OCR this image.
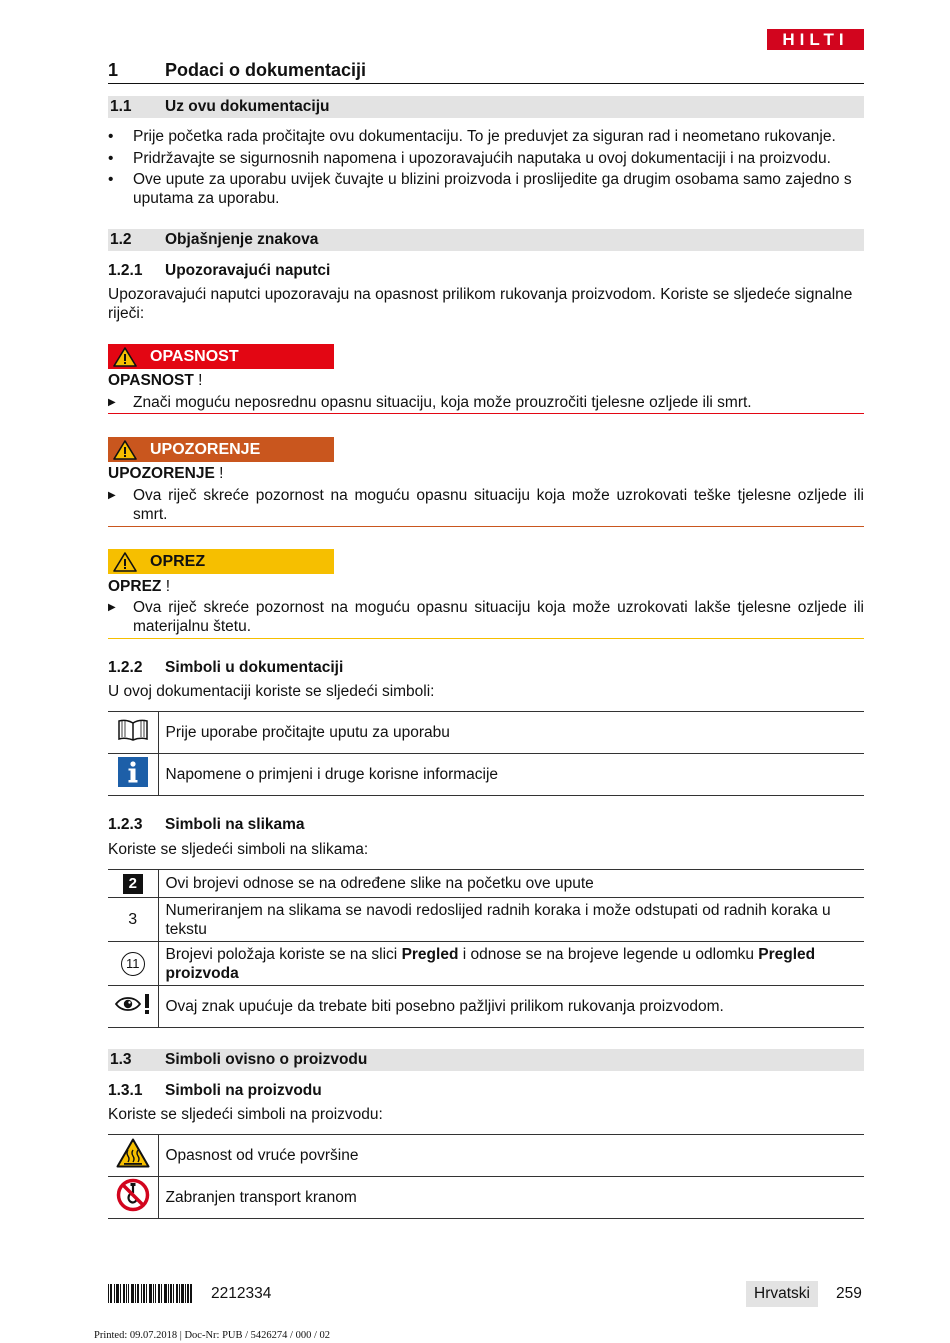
HILTI
1	Podaci o dokumentaciji
1.1 Uz ovu dokumentaciju
• Prije početka rada pročitajte ovu dokumentaciju. To je preduvjet za siguran rad i neometano rukovanje.
• Pridržavajte se sigurnosnih napomena i upozoravajućih naputaka u ovoj dokumentaciji i na proizvodu.
• Ove upute za uporabu uvijek čuvajte u blizini proizvoda i proslijedite ga drugim osobama samo zajedno s uputama za uporabu.
1.2 Objašnjenje znakova
1.2.1 Upozoravajući naputci
Upozoravajući naputci upozoravaju na opasnost prilikom rukovanja proizvodom. Koriste se sljedeće signalne riječi:
OPASNOST
OPASNOST !
▶ Znači moguću neposrednu opasnu situaciju, koja može prouzročiti tjelesne ozljede ili smrt.
UPOZORENJE
UPOZORENJE !
▶ Ova riječ skreće pozornost na moguću opasnu situaciju koja može uzrokovati teške tjelesne ozljede ili smrt.
OPREZ
OPREZ !
▶ Ova riječ skreće pozornost na moguću opasnu situaciju koja može uzrokovati lakše tjelesne ozljede ili materijalnu štetu.
1.2.2 Simboli u dokumentaciji
U ovoj dokumentaciji koriste se sljedeći simboli:
	Prije uporabe pročitajte uputu za uporabu
	Napomene o primjeni i druge korisne informacije
1.2.3 Simboli na slikama
Koriste se sljedeći simboli na slikama:
2	Ovi brojevi odnose se na određene slike na početku ove upute
3	Numeriranjem na slikama se navodi redoslijed radnih koraka i može odstupati od radnih koraka u tekstu
11	Brojevi položaja koriste se na slici Pregled i odnose se na brojeve legende u odlomku Pregled proizvoda
	Ovaj znak upućuje da trebate biti posebno pažljivi prilikom rukovanja proizvodom.
1.3 Simboli ovisno o proizvodu
1.3.1 Simboli na proizvodu
Koriste se sljedeći simboli na proizvodu:
	Opasnost od vruće površine
	Zabranjen transport kranom
2212334	Hrvatski	259
Printed: 09.07.2018 | Doc-Nr: PUB / 5426274 / 000 / 02
